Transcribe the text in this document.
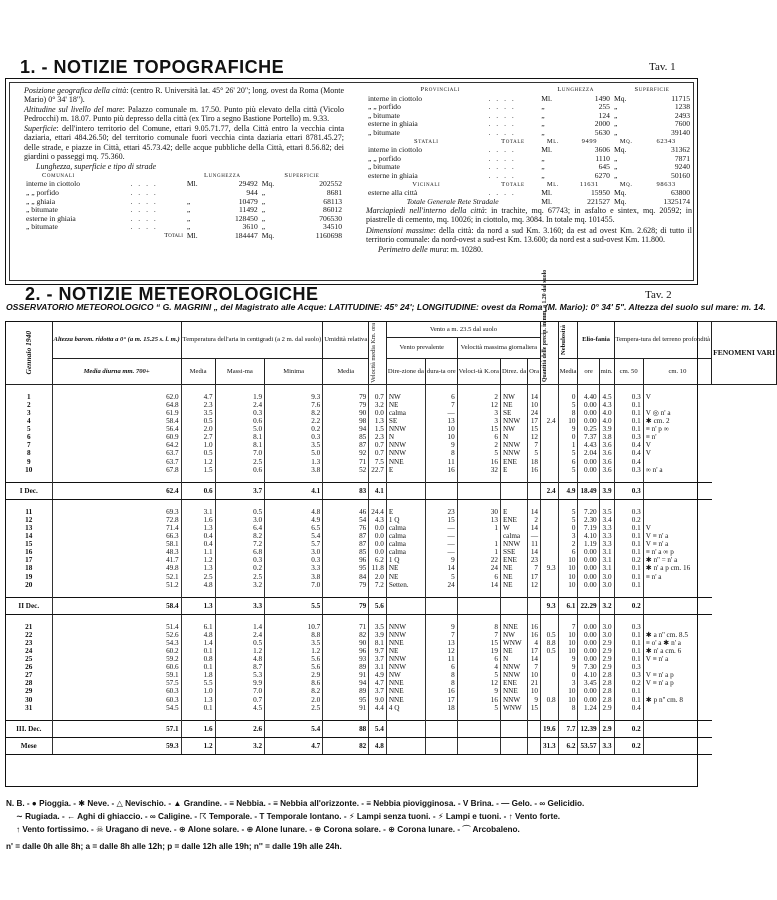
1. - NOTIZIE TOPOGRAFICHE	Tav. 1
Posizione geografica della città: (centro R. Università lat. 45° 26' 20"; long. ovest da Roma (Monte Mario) 0° 34' 18").
Altitudine sul livello del mare: Palazzo comunale m. 17.50. Punto più elevato della città (Vicolo Pedrocchi) m. 18.07. Punto più depresso della città (ex Tiro a segno Bastione Portello) m. 9.33.
Superficie: dell'intero territorio del Comune, ettari 9.05.71.77, della Città entro la vecchia cinta daziaria, ettari 484.26.50; del territorio comunale fuori vecchia cinta daziaria ettari 8781.45.27; delle strade, e piazze in Città, ettari 45.73.42; delle acque pubbliche della Città, ettari 8.56.82; dei giardini o passeggi mq. 75.360.
Lunghezza, superficie e tipo di strade
Comunali		Lunghezza		Superficie	
interne in ciottolo	. . . .	Ml.	29492	Mq.	202552
„ „ porfido	. . . .		944	„	8681
„ „ ghiaia	. . . .	„	10479	„	68113
„ bitumate	. . . .	„	11492	„	86012
esterne in ghiaia	. . . .	„	128450	„	706530
„ bitumate	. . . .	„	3610	„	34510
	Totali	Ml.	184447	Mq.	1160698
Provinciali		Lunghezza		Superficie	
interne in ciottolo	. . . .	Ml.	1490	Mq.	11715
„ „ porfido	. . . .	„	255	„	1238
„ bitumate	. . . .	„	124	„	2493
esterne in ghiaia	. . . .	„	2000	„	7600
„ bitumate	. . . .	„	5630	„	39140
Statali	Totale	Ml.	9499	Mq.	62343
interne in ciottolo	. . . .	Ml.	3606	Mq.	31362
„ „ porfido	. . . .	„	1110	„	7871
„ bitumate	. . . .	„	645	„	9240
esterne in ghiaia	. . . .	„	6270	„	50160
Vicinali	Totale	Ml.	11631	Mq.	98633
esterne alla città	. . . .	Ml.	15950	Mq.	63800
Totale Generale Rete Stradale		Ml.	221527	Mq.	1325174
Marciapiedi nell'interno della città: in trachite, mq. 67743; in asfalto e sintex, mq. 20592; in piastrelle di cemento, mq. 10026; in ciottolo, mq. 3084. In totale mq. 101455.
Dimensioni massime: della città: da nord a sud Km. 3.160; da est ad ovest Km. 2.628; di tutto il territorio comunale: da nord-ovest a sud-est Km. 13.600; da nord est a sud-ovest Km. 11.800.
Perimetro delle mura: m. 10280.
2. - NOTIZIE METEOROLOGICHE	Tav. 2
OSSERVATORIO METEOROLOGICO “ G. MAGRINI „ del Magistrato alle Acque: LATITUDINE: 45° 24'; LONGITUDINE: ovest da Roma (M. Mario): 0° 34' 5". Altezza del suolo sul mare: m. 14.
Gennaio 1940	Altezza barom. ridotta a 0° (a m. 15.25 s. l. m.)	Temperatura dell'aria in centigradi (a 2 m. dal suolo)			Umidità relativa	Velocità media Km. ora	Vento a m. 23.5 dal suolo					Quantità delle precip. in mm. a 1.20 dal suolo	Nebulosità	Elio-fania		Tempera-tura del terreno profondità		FENOMENI VARI
							Vento prevalente		Velocità massima giornaliera									
	Media diurna mm. 700+	Media	Massi-ma	Minima	Media		Dire-zione da	dura-ta ore	Veloci-tà K.ora	Direz. da	Ora		Media	ore	min.	cm. 50	cm. 10	

1	62.0	4.7	1.9	9.3	79	0.7	NW	6	2	NW	14		0	4.40	4.5	0.3	V	
2	64.8	2.3	2.4	7.6	79	3.2	NE	7	12	NE	10		5	0.00	4.3	0.1		
3	61.9	3.5	0.3	8.2	90	0.0	calma	—	3	SE	24		8	0.00	4.0	0.1	V ◎ n' a	
4	58.4	0.5	0.6	2.2	98	1.3	SE	13	3	NNW	17	2.4	10	0.00	4.0	0.1	✱ cm. 2	
5	56.4	2.0	5.0	0.2	94	1.5	NNW	10	15	NW	15		9	0.25	3.9	0.1	≡ n' p ∞	
6	60.9	2.7	8.1	0.3	85	2.3	N	10	6	N	12		0	7.37	3.8	0.3	≡ n'	
7	64.2	1.0	8.1	3.5	87	0.7	NNW	9	2	NNW	7		1	4.43	3.6	0.4	V	
8	63.7	0.5	7.0	5.0	92	0.7	NNW	8	5	NNW	5		5	2.04	3.6	0.4	V	
9	63.7	1.2	2.5	1.3	71	7.5	NNE	11	16	ENE	18		6	0.00	3.6	0.4		
10	67.8	1.5	0.6	3.8	52	22.7	E	16	32	E	16		5	0.00	3.6	0.3	∞ n' a	

I Dec.	62.4	0.6	3.7	4.1	83	4.1						2.4	4.9	18.49	3.9	0.3		

11	69.3	3.1	0.5	4.8	46	24.4	E	23	30	E	14		5	7.20	3.5	0.3		
12	72.8	1.6	3.0	4.9	54	4.3	1 Q	15	13	ENE	2		5	2.30	3.4	0.2		
13	71.4	1.3	6.4	6.5	76	0.0	calma	—	1	W	14		0	7.19	3.3	0.1	V	
14	66.3	0.4	8.2	5.4	87	0.0	calma	—		calma	—		3	4.10	3.3	0.1	V ≡ n' a	
15	58.1	0.4	7.2	5.7	87	0.0	calma	—	1	NNW	11		2	1.19	3.3	0.1	V ≡ n' a	
16	48.3	1.1	6.8	3.0	85	0.0	calma	—	1	SSE	14		6	0.00	3.1	0.1	≡ n' a ∞ p	
17	41.7	1.2	0.3	0.3	96	6.2	1 Q	9	22	ENE	23		10	0.00	3.1	0.2	✱ n'' = n' a	
18	49.8	1.3	0.2	3.3	95	11.8	NE	14	24	NE	7	9.3	10	0.00	3.1	0.1	✱ n' a p cm. 16	
19	52.1	2.5	2.5	3.8	84	2.0	NE	5	6	NE	17		10	0.00	3.0	0.1	≡ n' a	
20	51.2	4.8	3.2	7.0	79	7.2	Setten.	24	14	NE	12		10	0.00	3.0	0.1		

II Dec.	58.4	1.3	3.3	5.5	79	5.6						9.3	6.1	22.29	3.2	0.2		

21	51.4	6.1	1.4	10.7	71	3.5	NNW	9	8	NNE	16		7	0.00	3.0	0.3		
22	52.6	4.8	2.4	8.8	82	3.9	NNW	7	7	NW	16	0.5	10	0.00	3.0	0.1	✱ a n'' cm. 8.5	
23	54.3	1.4	0.5	3.5	90	8.1	NNE	13	15	WNW	4	8.8	10	0.00	2.9	0.1	≡ o' a ✱ n' a	
24	60.2	0.1	1.2	1.2	96	9.7	NE	12	19	NE	17	0.5	10	0.00	2.9	0.1	✱ n' a cm. 6	
25	59.2	0.8	4.8	5.6	93	3.7	NNW	11	6	N	14		9	0.00	2.9	0.1	V ≡ n' a	
26	60.6	0.1	8.7	5.6	89	3.1	NNW	6	4	NNW	7		9	7.30	2.9	0.3		
27	59.1	1.8	5.3	2.9	91	4.9	NW	8	5	NNW	10		0	4.10	2.8	0.3	V ≡ n' a p	
28	57.5	5.5	9.9	8.6	94	4.7	NNE	8	12	ENE	21		3	3.45	2.8	0.2	V ≡ n' a p	
29	60.3	1.0	7.0	8.2	89	3.7	NNE	16	9	NNE	10		10	0.00	2.8	0.1		
30	60.3	1.3	0.7	2.0	95	9.0	NNE	17	16	NNW	9	0.8	10	0.00	2.8	0.1	✱ p n'' cm. 8	
31	54.5	0.1	4.5	2.5	91	4.4	4 Q	18	5	WNW	15		8	1.24	2.9	0.4		

III. Dec.	57.1	1.6	2.6	5.4	88	5.4						19.6	7.7	12.39	2.9	0.2		
Mese	59.3	1.2	3.2	4.7	82	4.8						31.3	6.2	53.57	3.3	0.2		
N. B. - ● Pioggia. - ✱ Neve. - △ Nevischio. - ▲ Grandine. - ≡ Nebbia. - ≡ Nebbia all'orizzonte. - ≡ Nebbia piovigginosa. - V Brina. - — Gelo. - ∞ Gelicidio.
∼ Rugiada. - ← Aghi di ghiaccio. - ∞ Caligine. - ☈ Temporale. - T Temporale lontano. - ⚡ Lampi senza tuoni. - ⚡ Lampi e tuoni. - ↑ Vento forte.
↑ Vento fortissimo. - ☠ Uragano di neve. - ⊕ Alone solare. - ⊕ Alone lunare. - ⊕ Corona solare. - ⊕ Corona lunare. - ⌒ Arcobaleno.
n' = dalle 0h alle 8h; a = dalle 8h alle 12h; p = dalle 12h alle 19h; n'' = dalle 19h alle 24h.
